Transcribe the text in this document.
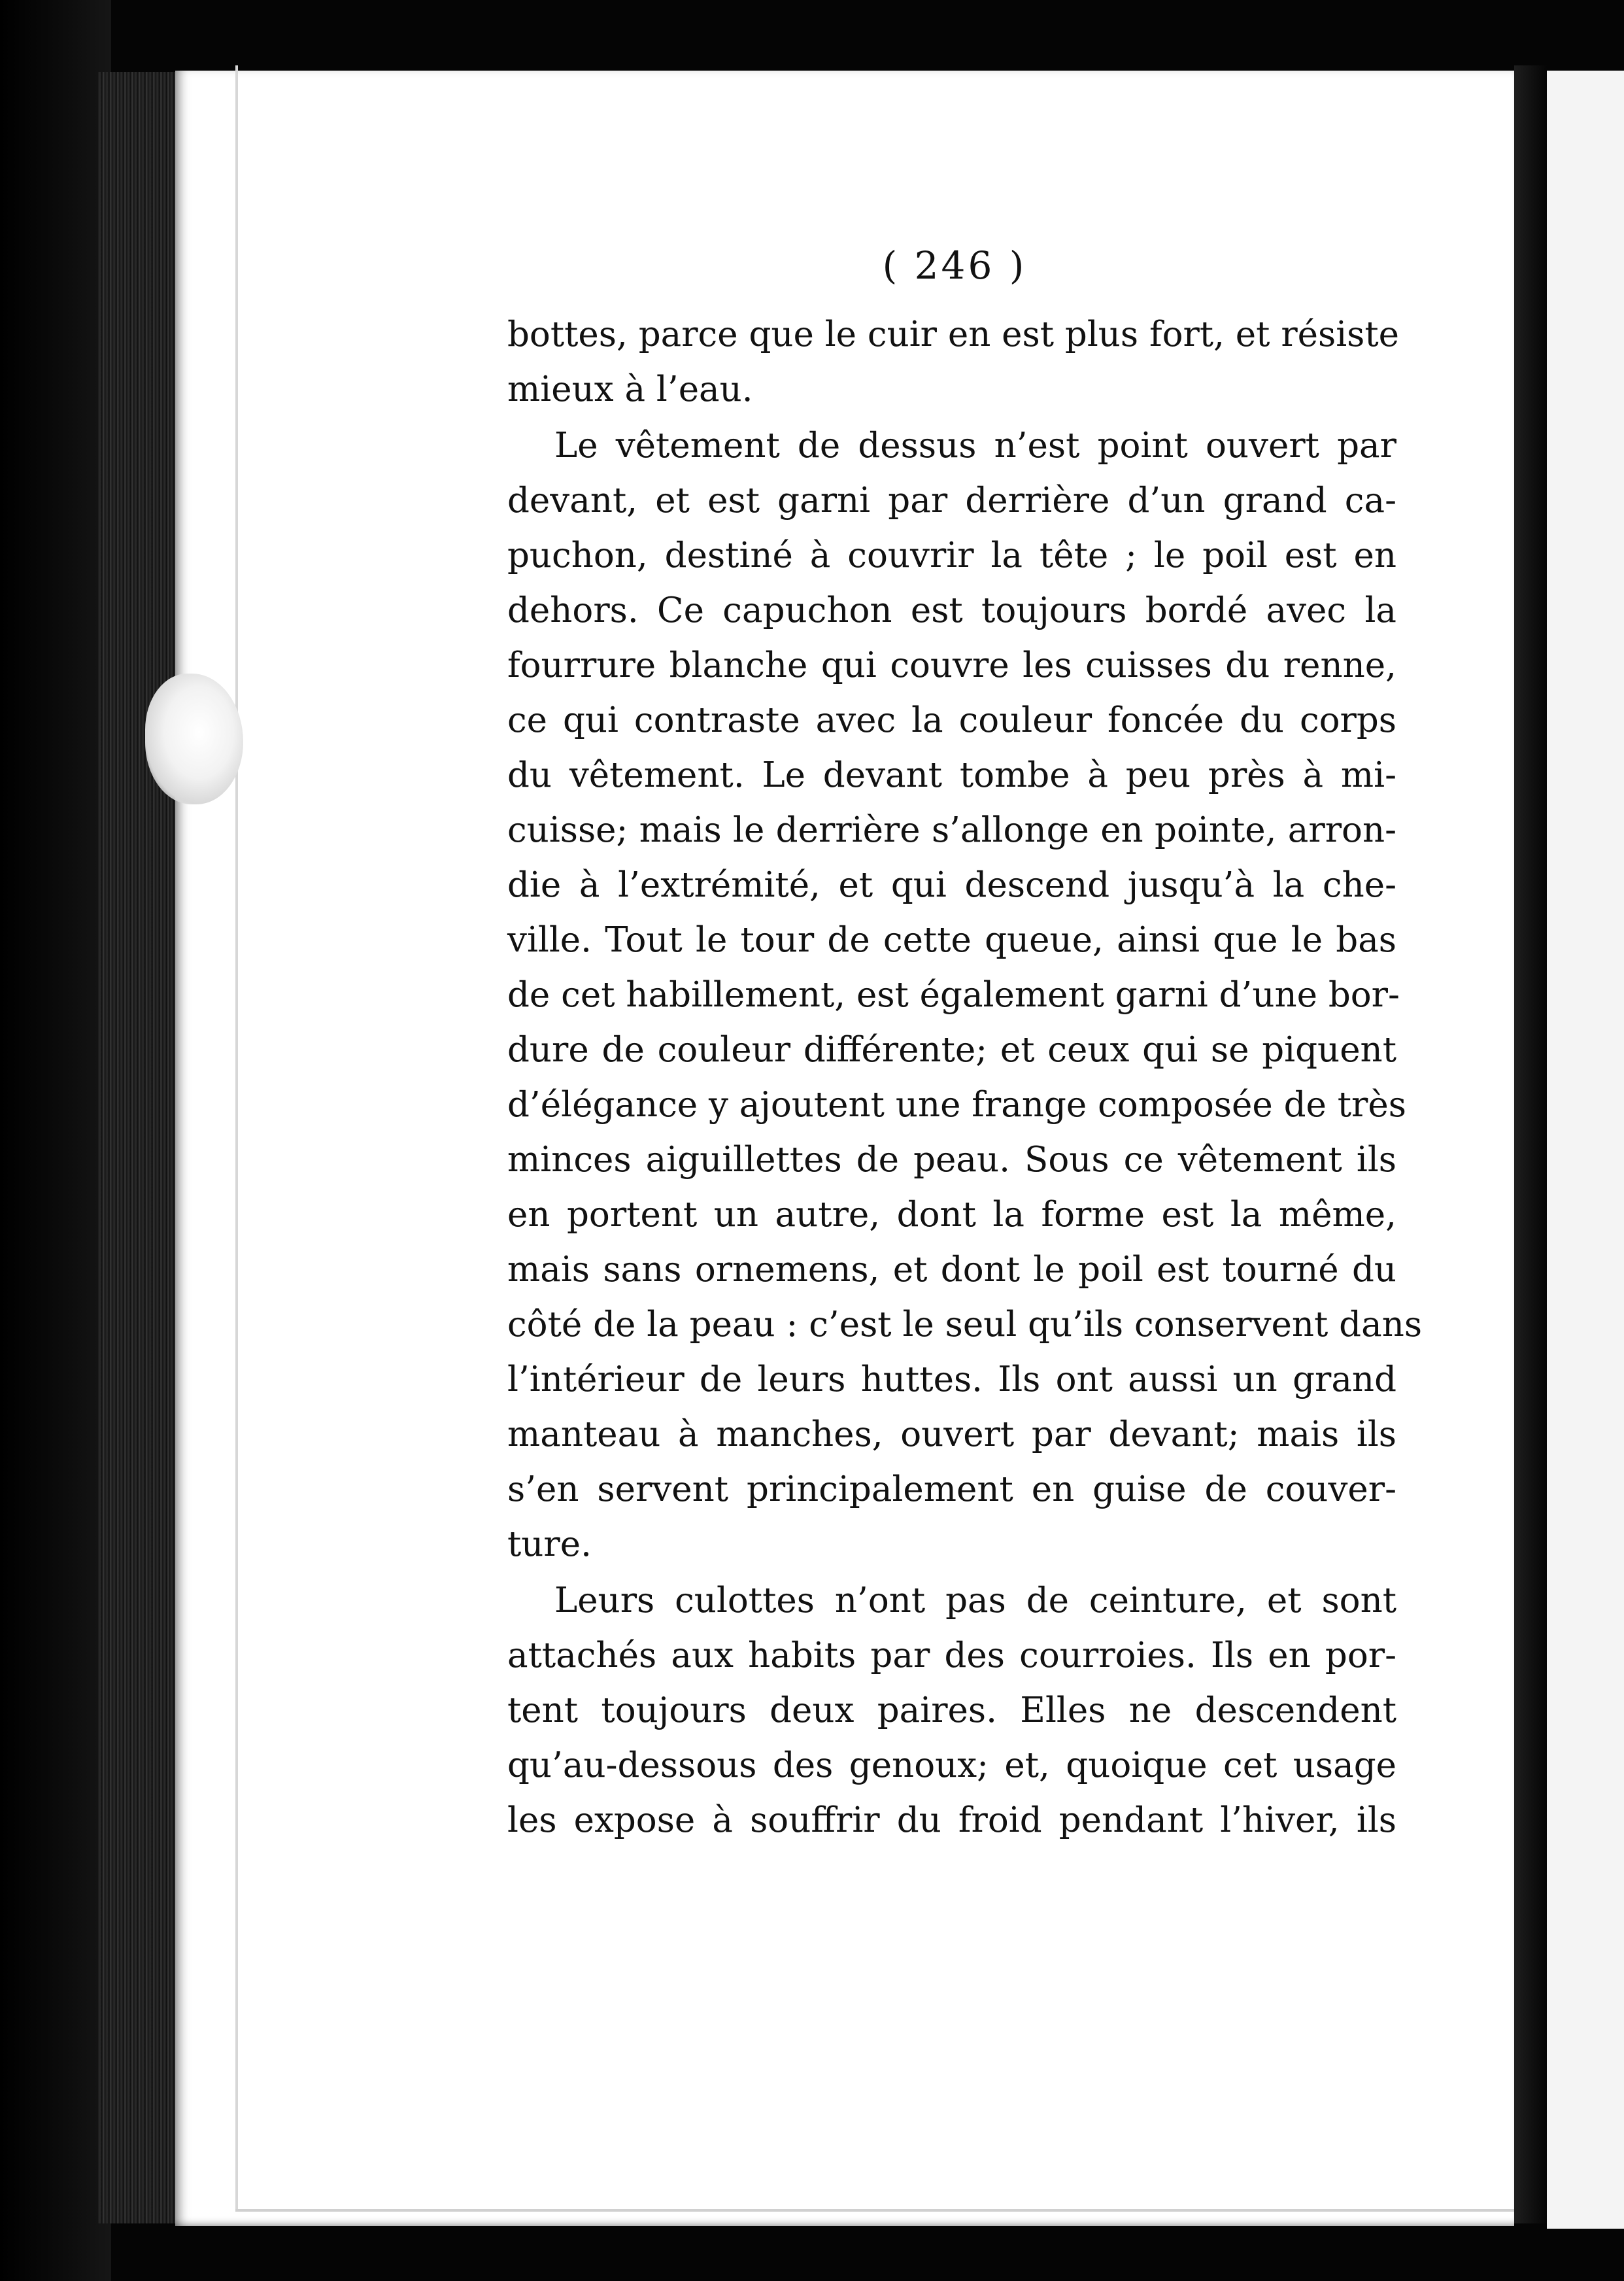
( 246 )
bottes, parce que le cuir en est plus fort, et résiste
mieux à l’eau.
Le vêtement de dessus n’est point ouvert par
devant, et est garni par derrière d’un grand ca-
puchon, destiné à couvrir la tête ; le poil est en
dehors. Ce capuchon est toujours bordé avec la
fourrure blanche qui couvre les cuisses du renne,
ce qui contraste avec la couleur foncée du corps
du vêtement. Le devant tombe à peu près à mi-
cuisse; mais le derrière s’allonge en pointe, arron-
die à l’extrémité, et qui descend jusqu’à la che-
ville. Tout le tour de cette queue, ainsi que le bas
de cet habillement, est également garni d’une bor-
dure de couleur différente; et ceux qui se piquent
d’élégance y ajoutent une frange composée de très
minces aiguillettes de peau. Sous ce vêtement ils
en portent un autre, dont la forme est la même,
mais sans ornemens, et dont le poil est tourné du
côté de la peau : c’est le seul qu’ils conservent dans
l’intérieur de leurs huttes. Ils ont aussi un grand
manteau à manches, ouvert par devant; mais ils
s’en servent principalement en guise de couver-
ture.
Leurs culottes n’ont pas de ceinture, et sont
attachés aux habits par des courroies. Ils en por-
tent toujours deux paires. Elles ne descendent
qu’au-dessous des genoux; et, quoique cet usage
les expose à souffrir du froid pendant l’hiver, ils
